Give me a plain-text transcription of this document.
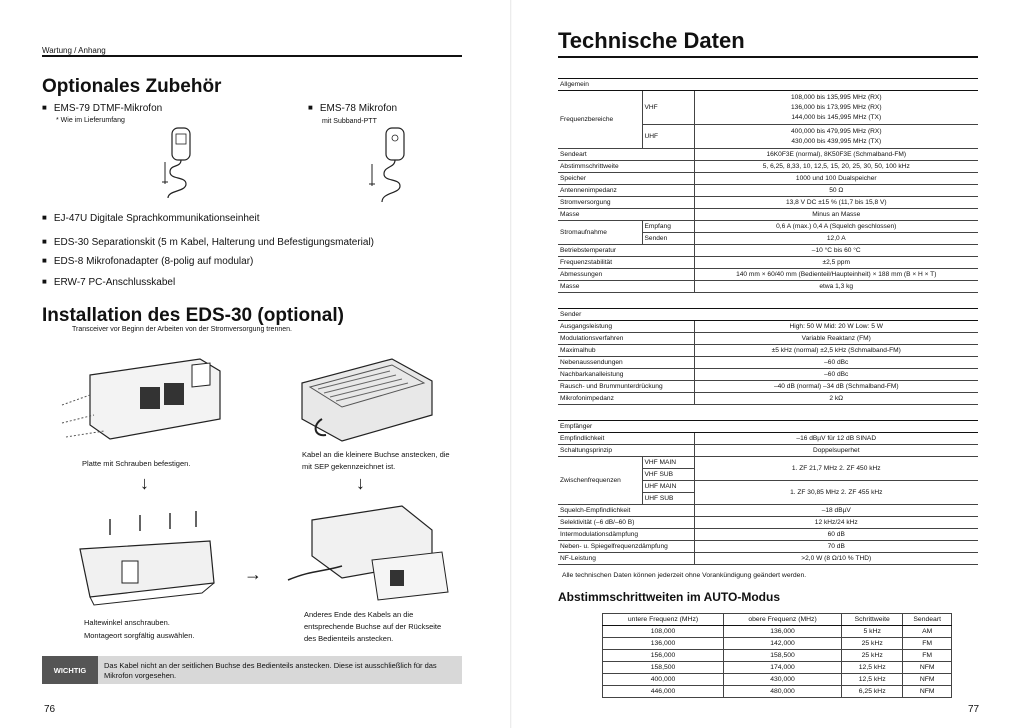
Wartung / Anhang
Optionales Zubehör
■ EMS-79 DTMF-Mikrofon
* Wie im Lieferumfang
■ EMS-78 Mikrofon
mit Subband-PTT
■ EJ-47U Digitale Sprachkommunikationseinheit
■ EDS-30 Separationskit (5 m Kabel, Halterung und Befestigungsmaterial)
■ EDS-8 Mikrofonadapter (8-polig auf modular)
■ ERW-7 PC-Anschlusskabel
Installation des EDS-30 (optional)
Transceiver vor Beginn der Arbeiten von der Stromversorgung trennen.
Platte mit Schrauben befestigen.
Kabel an die kleinere Buchse anstecken, die
mit SEP gekennzeichnet ist.
↓	↓
→
Haltewinkel anschrauben.
Montageort sorgfältig auswählen.
Anderes Ende des Kabels an die
entsprechende Buchse auf der Rückseite
des Bedienteils anstecken.
WICHTIG	Das Kabel nicht an der seitlichen Buchse des Bedienteils anstecken. Diese ist ausschließlich für das Mikrofon vorgesehen.
76
Technische Daten
Allgemein		
Frequenzbereiche	VHF	108,000 bis 135,995 MHz (RX)
136,000 bis 173,995 MHz (RX)
144,000 bis 145,995 MHz (TX)

	UHF	400,000 bis 479,995 MHz (RX)
430,000 bis 439,995 MHz (TX)

Sendeart		16K0F3E (normal), 8K50F3E (Schmalband-FM)
Abstimmschrittweite		5, 6,25, 8,33, 10, 12,5, 15, 20, 25, 30, 50, 100 kHz
Speicher		1000 und 100 Dualspeicher
Antennenimpedanz		50 Ω
Stromversorgung		13,8 V DC ±15 % (11,7 bis 15,8 V)
Masse		Minus an Masse
Stromaufnahme	Empfang	0,6 A (max.) 0,4 A (Squelch geschlossen)
	Senden	12,0 A
Betriebstemperatur		–10 °C bis 60 °C
Frequenzstabilität		±2,5 ppm
Abmessungen		140 mm × 60/40 mm (Bedienteil/Haupteinheit) × 188 mm (B × H × T)
Masse		etwa 1,3 kg
Sender	
Ausgangsleistung	High: 50 W Mid: 20 W Low: 5 W
Modulationsverfahren	Variable Reaktanz (FM)
Maximalhub	±5 kHz (normal) ±2,5 kHz (Schmalband-FM)
Nebenaussendungen	–60 dBc
Nachbarkanalleistung	–60 dBc
Rausch- und Brummunterdrückung	–40 dB (normal) –34 dB (Schmalband-FM)
Mikrofonimpedanz	2 kΩ
Empfänger		
Empfindlichkeit		–16 dBµV für 12 dB SINAD
Schaltungsprinzip		Doppelsuperhet
Zwischenfrequenzen	VHF MAIN	1. ZF 21,7 MHz 2. ZF 450 kHz
	VHF SUB	
	UHF MAIN	1. ZF 30,85 MHz 2. ZF 455 kHz
	UHF SUB	
Squelch-Empfindlichkeit		–18 dBµV
Selektivität (–6 dB/–60 B)		12 kHz/24 kHz
Intermodulationsdämpfung		60 dB
Neben- u. Spiegelfrequenzdämpfung		70 dB
NF-Leistung		>2,0 W (8 Ω/10 % THD)
Alle technischen Daten können jederzeit ohne Vorankündigung geändert werden.
Abstimmschrittweiten im AUTO-Modus
untere Frequenz (MHz)	obere Frequenz (MHz)	Schrittweite	Sendeart
108,000	136,000	5 kHz	AM
136,000	142,000	25 kHz	FM
156,000	158,500	25 kHz	FM
158,500	174,000	12,5 kHz	NFM
400,000	430,000	12,5 kHz	NFM
446,000	480,000	6,25 kHz	NFM
77
